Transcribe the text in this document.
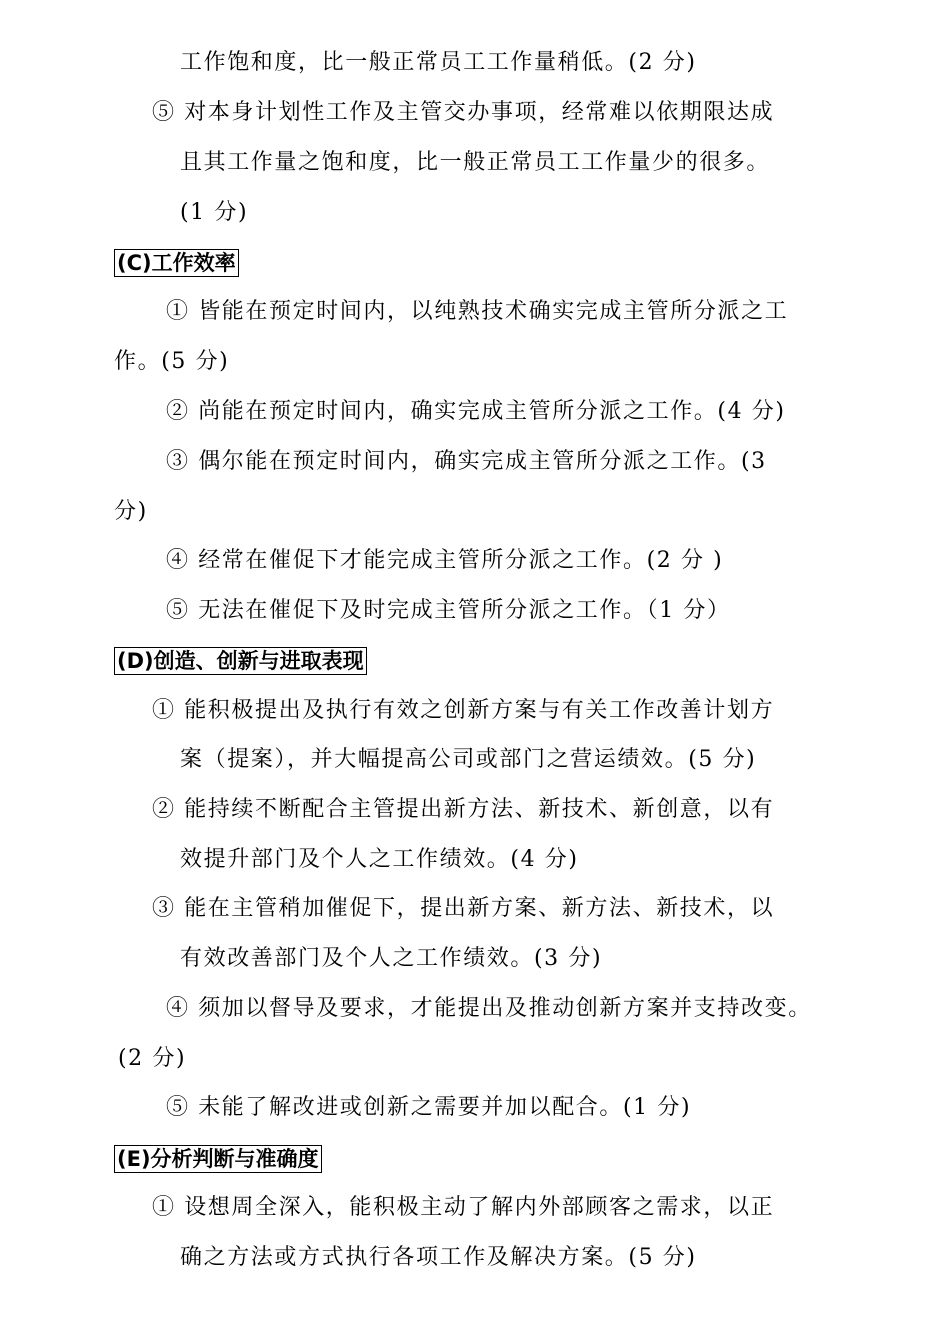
工作饱和度，比一般正常员工工作量稍低。(2 分)
⑤ 对本身计划性工作及主管交办事项，经常难以依期限达成
且其工作量之饱和度，比一般正常员工工作量少的很多。
(1 分)
(C)工作效率
① 皆能在预定时间内，以纯熟技术确实完成主管所分派之工
作。(5 分)
② 尚能在预定时间内，确实完成主管所分派之工作。(4 分)
③ 偶尔能在预定时间内，确实完成主管所分派之工作。(3
分)
④ 经常在催促下才能完成主管所分派之工作。(2 分 )
⑤ 无法在催促下及时完成主管所分派之工作。（1 分）
(D)创造、创新与进取表现
① 能积极提出及执行有效之创新方案与有关工作改善计划方
案（提案），并大幅提高公司或部门之营运绩效。(5 分)
② 能持续不断配合主管提出新方法、新技术、新创意，以有
效提升部门及个人之工作绩效。(4 分)
③ 能在主管稍加催促下，提出新方案、新方法、新技术，以
有效改善部门及个人之工作绩效。(3 分)
④ 须加以督导及要求，才能提出及推动创新方案并支持改变。
(2 分)
⑤ 未能了解改进或创新之需要并加以配合。(1 分)
(E)分析判断与准确度
① 设想周全深入，能积极主动了解内外部顾客之需求，以正
确之方法或方式执行各项工作及解决方案。(5 分)
